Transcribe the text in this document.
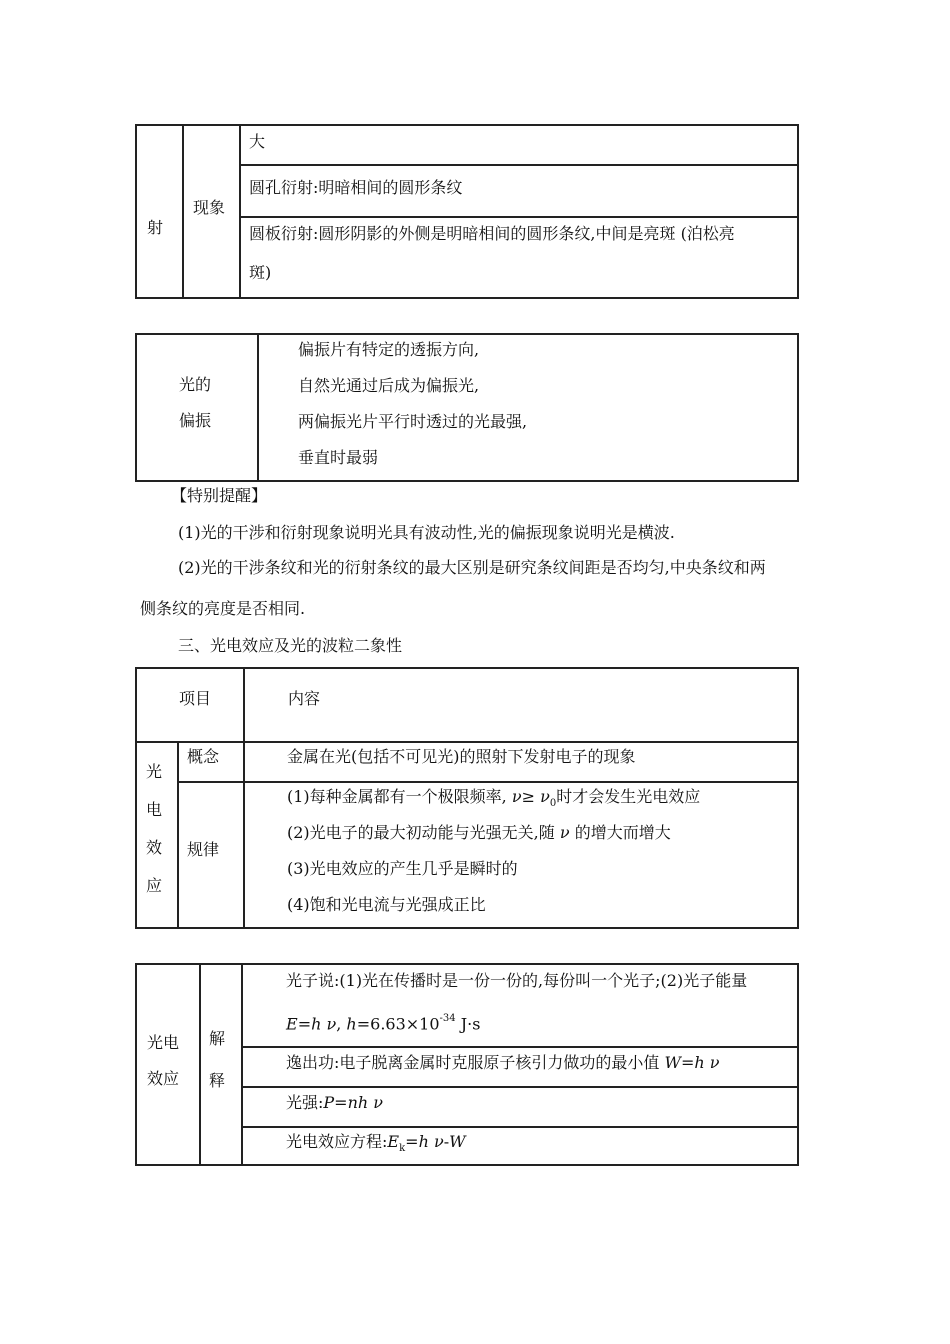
射
现象
大
圆孔衍射:明暗相间的圆形条纹
圆板衍射:圆形阴影的外侧是明暗相间的圆形条纹,中间是亮斑 (泊松亮
斑)
光的
偏振
偏振片有特定的透振方向,
自然光通过后成为偏振光,
两偏振光片平行时透过的光最强,
垂直时最弱
【特别提醒】
(1)光的干涉和衍射现象说明光具有波动性,光的偏振现象说明光是横波.
(2)光的干涉条纹和光的衍射条纹的最大区别是研究条纹间距是否均匀,中央条纹和两
侧条纹的亮度是否相同.
三、光电效应及光的波粒二象性
项目	内容
光
电
效
应
概念	金属在光(包括不可见光)的照射下发射电子的现象
规律
(1)每种金属都有一个极限频率, $\nu\ge \nu_0$时才会发生光电效应
(2)光电子的最大初动能与光强无关,随 ν 的增大而增大
(3)光电效应的产生几乎是瞬时的
(4)饱和光电流与光强成正比
光电
效应
解
释
光子说:(1)光在传播时是一份一份的,每份叫一个光子;(2)光子能量
E=h ν, $h=6.63\times 10^{-34}$ J·s
逸出功:电子脱离金属时克服原子核引力做功的最小值 W=h ν
光强:P=nh ν
光电效应方程$:E_k=h$ ν-W
